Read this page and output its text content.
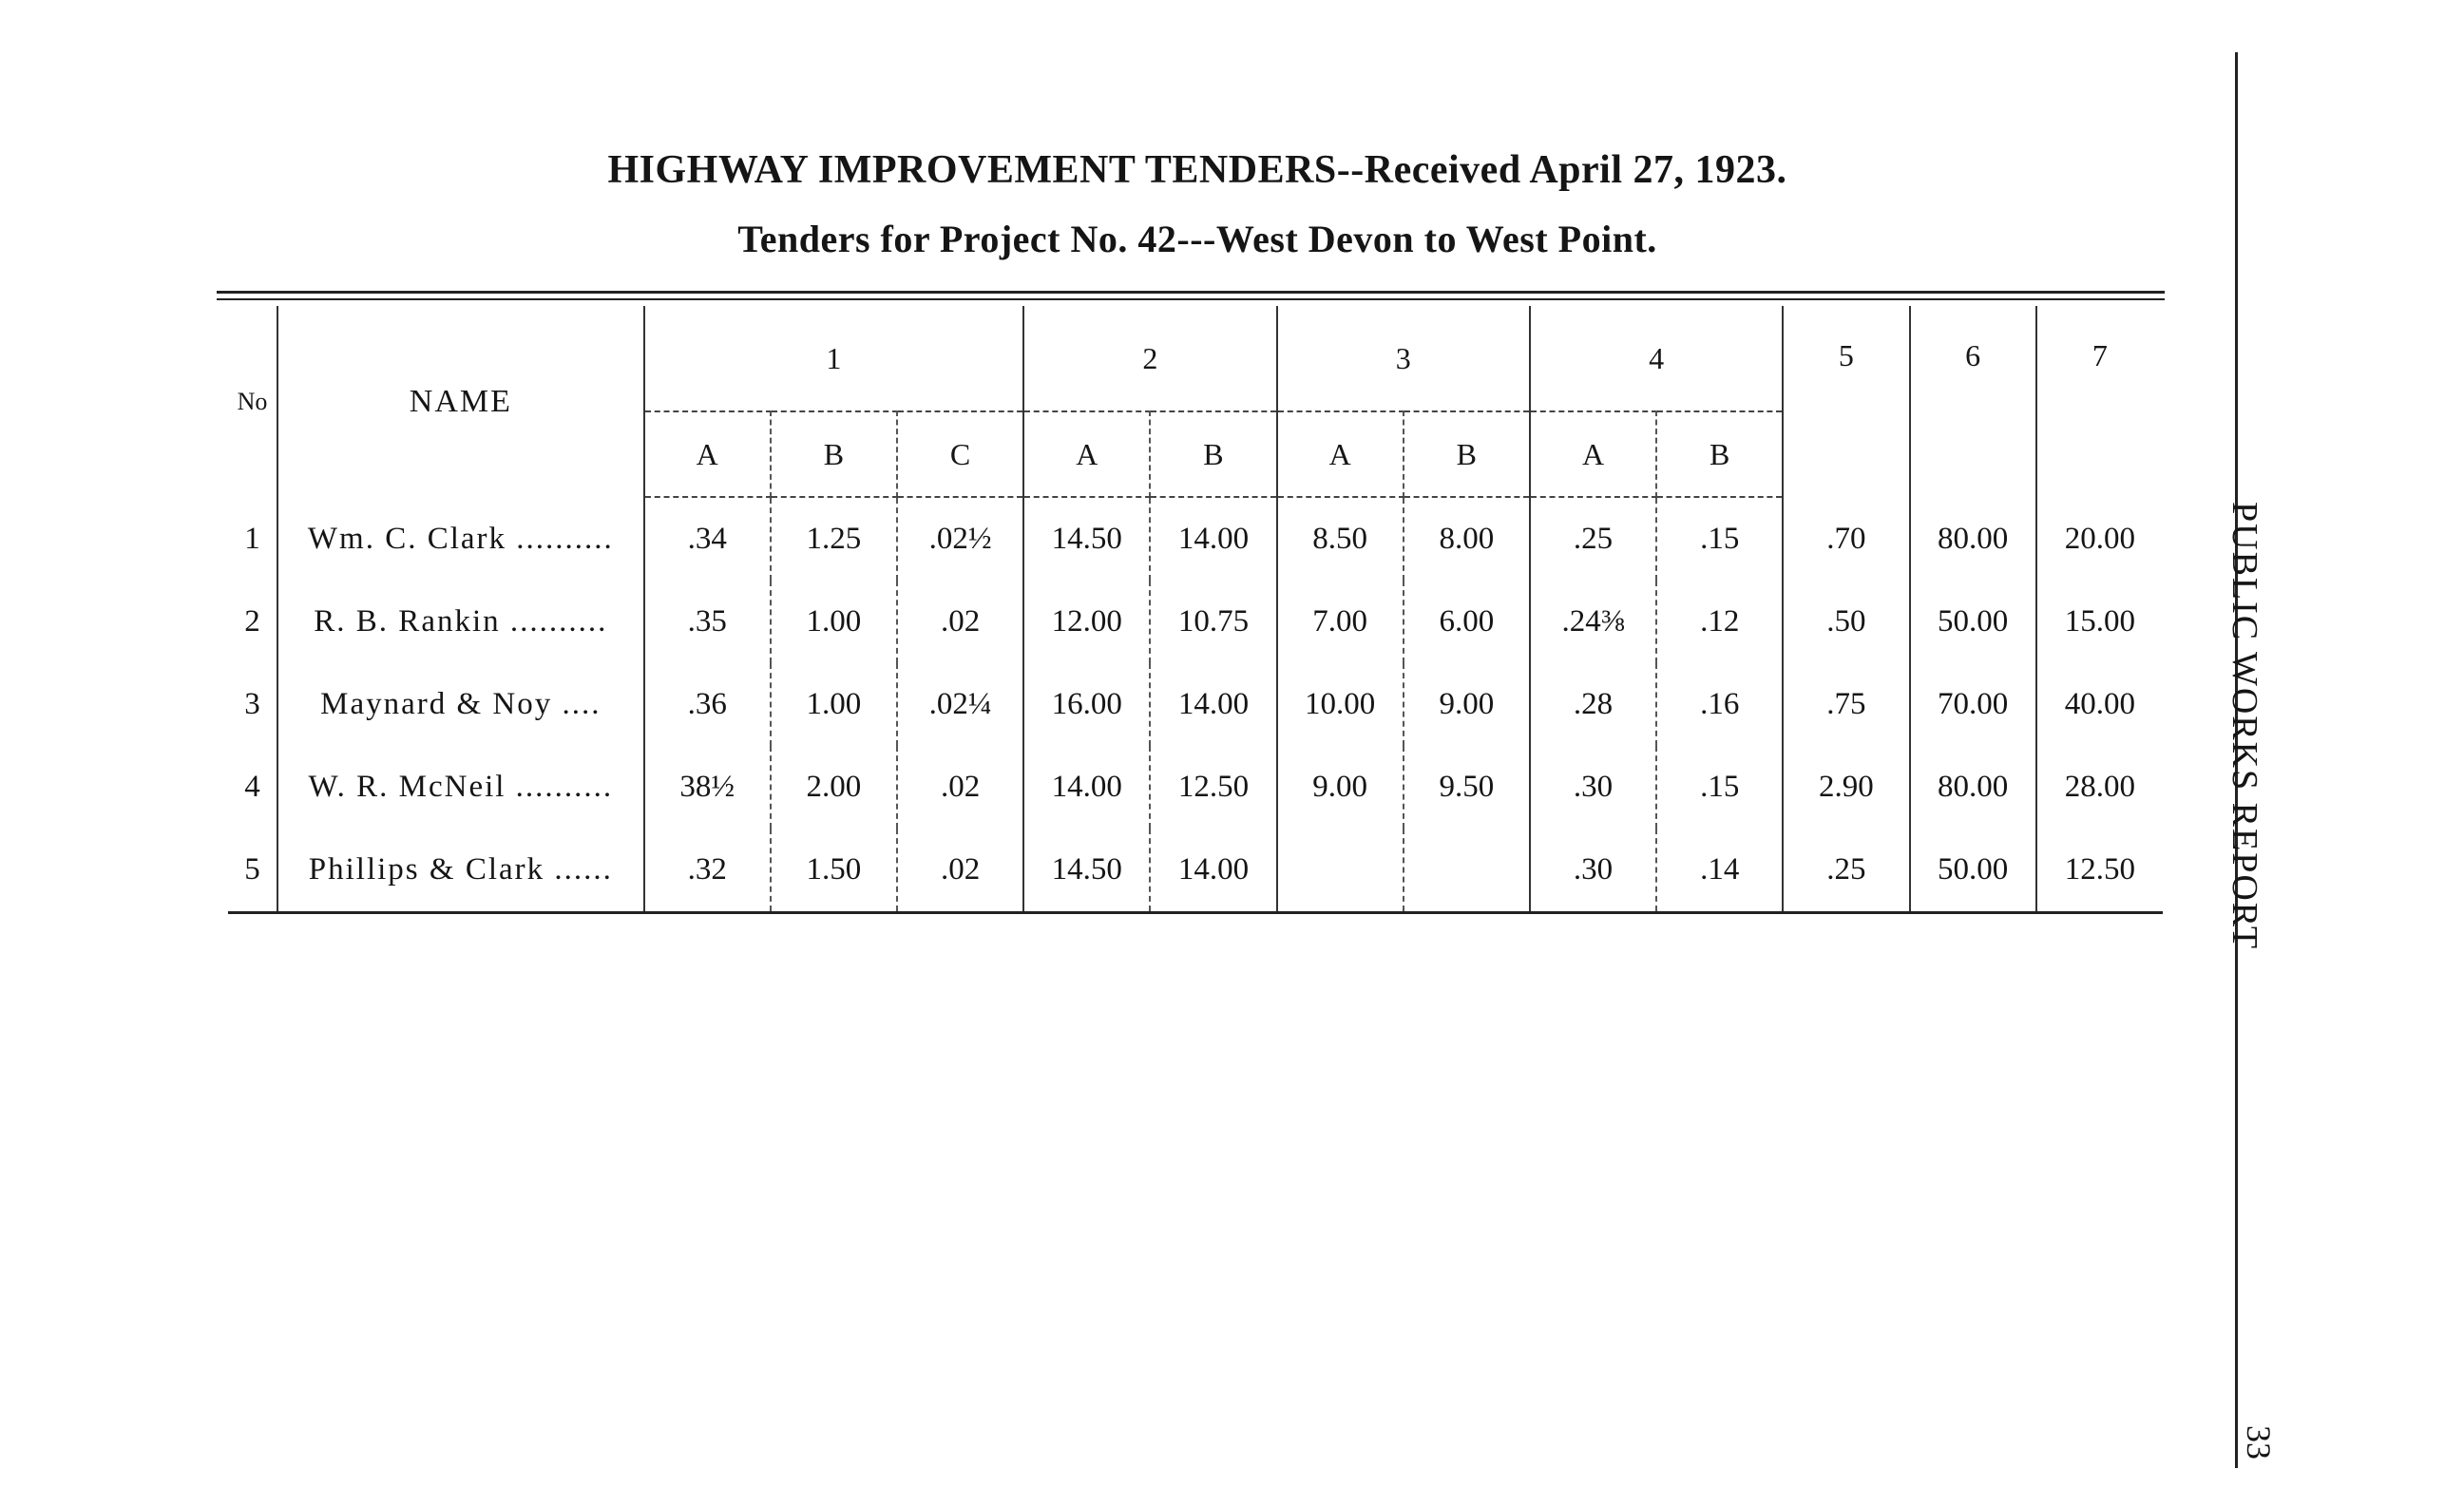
HIGHWAY IMPROVEMENT TENDERS--Received April 27, 1923.
Tenders for Project No. 42---West Devon to West Point.
No	NAME	1			2		3		4		5	6	7
		A	B	C	A	B	A	B	A	B			
1	Wm. C. Clark ..........	.34	1.25	.02½	14.50	14.00	8.50	8.00	.25	.15	.70	80.00	20.00
2	R. B. Rankin ..........	.35	1.00	.02	12.00	10.75	7.00	6.00	.24⅜	.12	.50	50.00	15.00
3	Maynard & Noy ....	.36	1.00	.02¼	16.00	14.00	10.00	9.00	.28	.16	.75	70.00	40.00
4	W. R. McNeil ..........	38½	2.00	.02	14.00	12.50	9.00	9.50	.30	.15	2.90	80.00	28.00
5	Phillips & Clark ......	.32	1.50	.02	14.50	14.00			.30	.14	.25	50.00	12.50 PUBLIC WORKS REPORT
33
